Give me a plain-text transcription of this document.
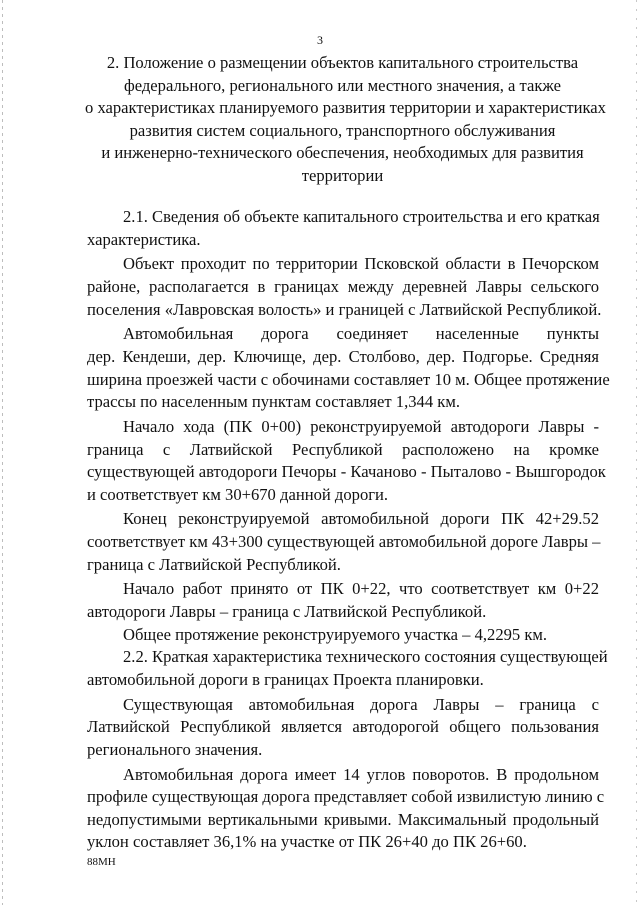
3
2. Положение о размещении объектов капитального строительства
федерального, регионального или местного значения, а также
о характеристиках планируемого развития территории и характеристиках
развития систем социального, транспортного обслуживания
и инженерно-технического обеспечения, необходимых для развития
территории
2.1. Сведения об объекте капитального строительства и его краткая
характеристика.
Объект проходит по территории Псковской области в Печорском
районе, располагается в границах между деревней Лавры сельского
поселения «Лавровская волость» и границей с Латвийской Республикой.
Автомобильная дорога соединяет населенные пункты
дер. Кендеши, дер. Ключище, дер. Столбово, дер. Подгорье. Средняя
ширина проезжей части с обочинами составляет 10 м. Общее протяжение
трассы по населенным пунктам составляет 1,344 км.
Начало хода (ПК 0+00) реконструируемой автодороги Лавры -
граница с Латвийской Республикой расположено на кромке
существующей автодороги Печоры - Качаново - Пыталово - Вышгородок
и соответствует км 30+670 данной дороги.
Конец реконструируемой автомобильной дороги ПК 42+29.52
соответствует км 43+300 существующей автомобильной дороге Лавры –
граница с Латвийской Республикой.
Начало работ принято от ПК 0+22, что соответствует км 0+22
автодороги Лавры – граница с Латвийской Республикой.
Общее протяжение реконструируемого участка – 4,2295 км.
2.2. Краткая характеристика технического состояния существующей
автомобильной дороги в границах Проекта планировки.
Существующая автомобильная дорога Лавры – граница с
Латвийской Республикой является автодорогой общего пользования
регионального значения.
Автомобильная дорога имеет 14 углов поворотов. В продольном
профиле существующая дорога представляет собой извилистую линию с
недопустимыми вертикальными кривыми. Максимальный продольный
уклон составляет 36,1% на участке от ПК 26+40 до ПК 26+60.
88МН
